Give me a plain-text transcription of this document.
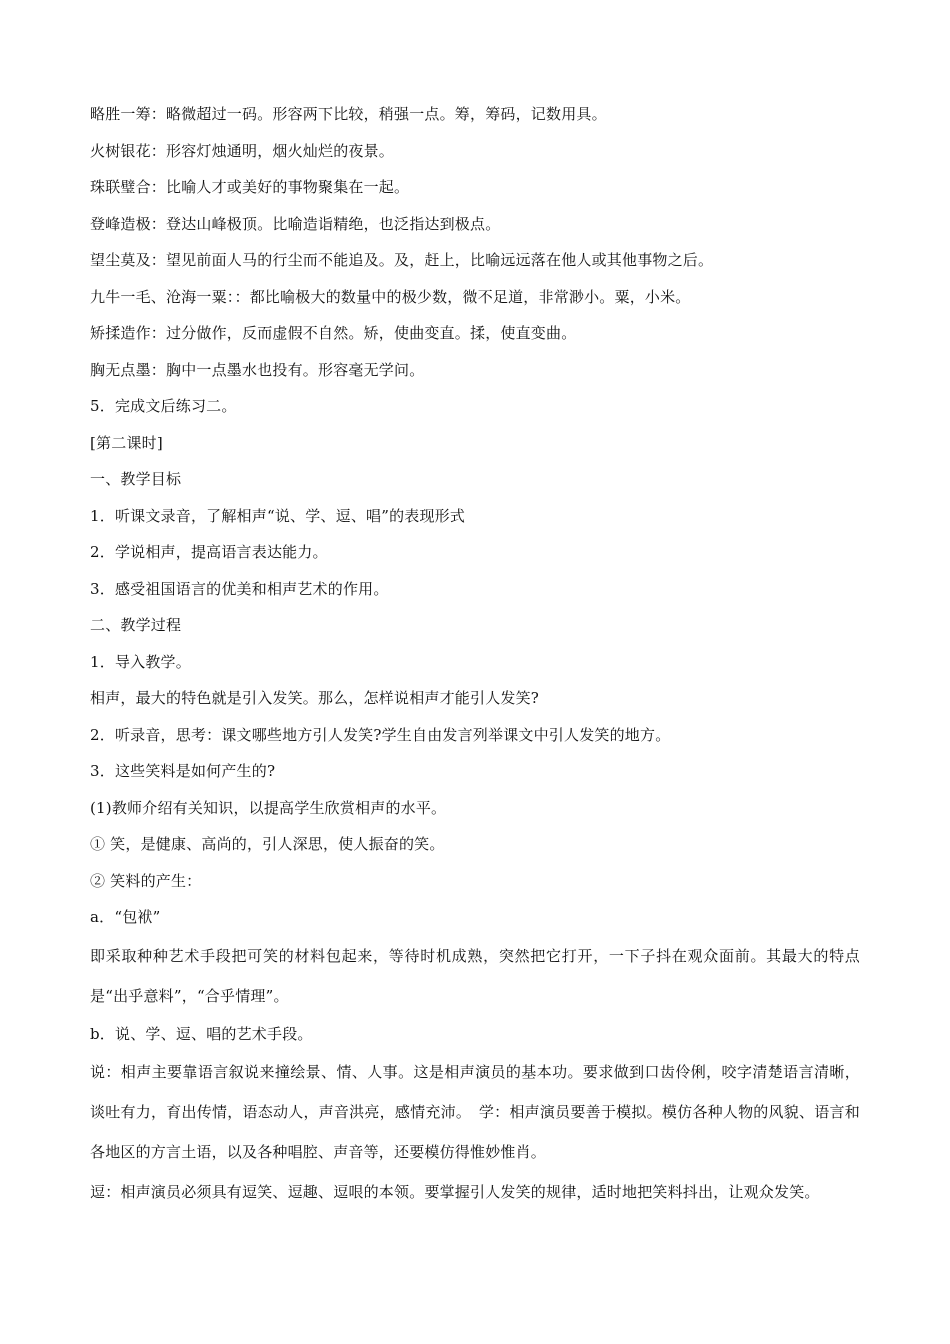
略胜一筹：略微超过一码。形容两下比较，稍强一点。筹，筹码，记数用具。
火树银花：形容灯烛通明，烟火灿烂的夜景。
珠联璧合：比喻人才或美好的事物聚集在一起。
登峰造极：登达山峰极顶。比喻造诣精绝，也泛指达到极点。
望尘莫及：望见前面人马的行尘而不能追及。及，赶上，比喻远远落在他人或其他事物之后。
九牛一毛、沧海一粟：：都比喻极大的数量中的极少数，微不足道，非常渺小。粟，小米。
矫揉造作：过分做作，反而虚假不自然。矫，使曲变直。揉，使直变曲。
胸无点墨：胸中一点墨水也投有。形容毫无学问。
5．完成文后练习二。
[第二课时]
一、教学目标
1．听课文录音，了解相声“说、学、逗、唱”的表现形式
2．学说相声，提高语言表达能力。
3．感受祖国语言的优美和相声艺术的作用。
二、教学过程
1．导入教学。
相声，最大的特色就是引入发笑。那么，怎样说相声才能引人发笑?
2．听录音，思考：课文哪些地方引人发笑?学生自由发言列举课文中引人发笑的地方。
3．这些笑料是如何产生的?
(1)教师介绍有关知识，以提高学生欣赏相声的水平。
① 笑，是健康、高尚的，引人深思，使人振奋的笑。
② 笑料的产生：
a．“包袱”
即采取种种艺术手段把可笑的材料包起来，等待时机成熟，突然把它打开，一下子抖在观众面前。其最大的特点是“出乎意料”，“合乎情理”。
b．说、学、逗、唱的艺术手段。
说：相声主要靠语言叙说来撞绘景、情、人事。这是相声演员的基本功。要求做到口齿伶俐，咬字清楚语言清晰，谈吐有力，育出传情，语态动人，声音洪亮，感情充沛。　学：相声演员要善于模拟。模仿各种人物的风貌、语言和各地区的方言土语，以及各种唱腔、声音等，还要模仿得惟妙惟肖。
逗：相声演员必须具有逗笑、逗趣、逗哏的本领。要掌握引人发笑的规律，适时地把笑料抖出，让观众发笑。
